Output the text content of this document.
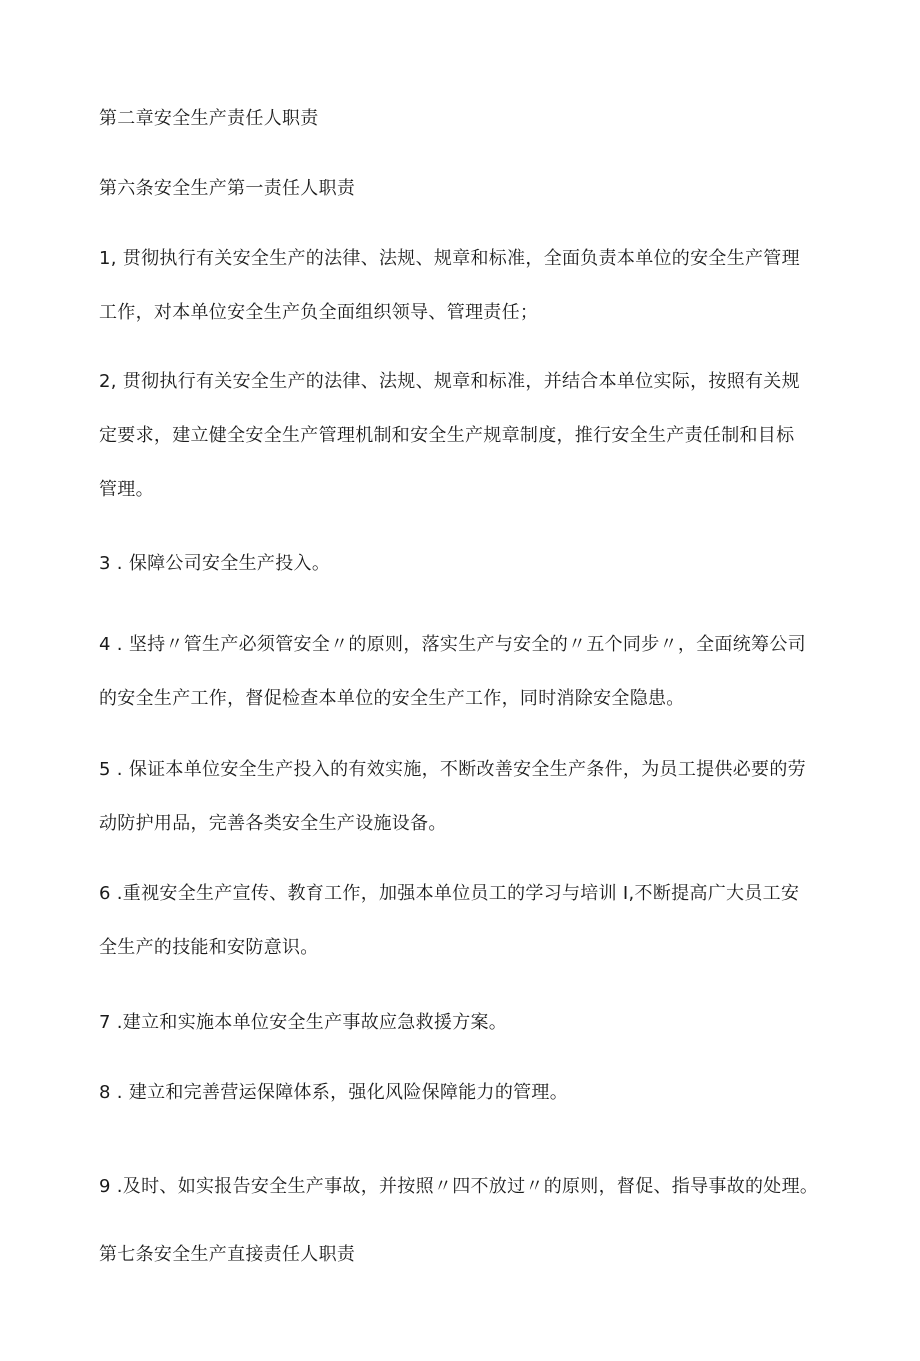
第二章安全生产责任人职责
第六条安全生产第一责任人职责
1, 贯彻执行有关安全生产的法律、法规、规章和标准，全面负责本单位的安全生产管理
工作，对本单位安全生产负全面组织领导、管理责任；
2, 贯彻执行有关安全生产的法律、法规、规章和标准，并结合本单位实际，按照有关规
定要求，建立健全安全生产管理机制和安全生产规章制度，推行安全生产责任制和目标
管理。
3 . 保障公司安全生产投入。
4 . 坚持〃管生产必须管安全〃的原则，落实生产与安全的〃五个同步〃，全面统筹公司
的安全生产工作，督促检查本单位的安全生产工作，同时消除安全隐患。
5 . 保证本单位安全生产投入的有效实施，不断改善安全生产条件，为员工提供必要的劳
动防护用品，完善各类安全生产设施设备。
6 .重视安全生产宣传、教育工作，加强本单位员工的学习与培训 I,不断提高广大员工安
全生产的技能和安防意识。
7 .建立和实施本单位安全生产事故应急救援方案。
8 . 建立和完善营运保障体系，强化风险保障能力的管理。
9 .及时、如实报告安全生产事故，并按照〃四不放过〃的原则，督促、指导事故的处理。
第七条安全生产直接责任人职责
